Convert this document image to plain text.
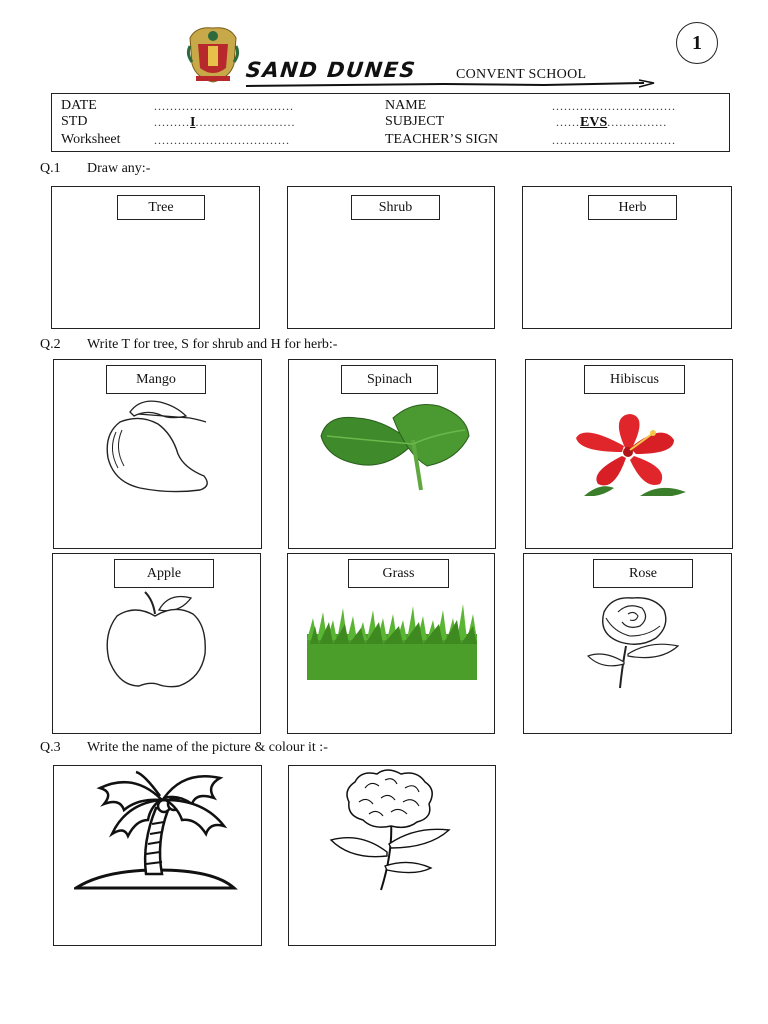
1
SAND DUNES	CONVENT SCHOOL
DATE	...................................
STD	.........I.........................
Worksheet	..................................
NAME	...............................
SUBJECT	......EVS...............
TEACHER’S SIGN	...............................
Q.1 Draw any:-
Tree	Shrub	Herb
Q.2 Write T for tree, S for shrub and H for herb:-
Mango	Spinach	Hibiscus
Apple	Grass	Rose
Q.3 Write the name of the picture & colour it :-
